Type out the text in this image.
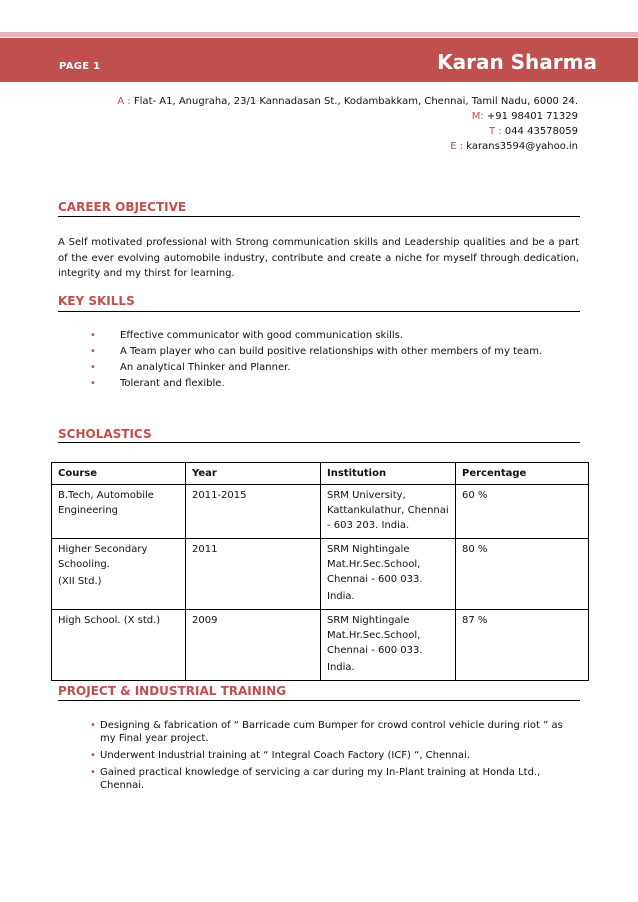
PAGE 1	Karan Sharma
A : Flat- A1, Anugraha, 23/1 Kannadasan St., Kodambakkam, Chennai, Tamil Nadu, 6000 24.
M: +91 98401 71329
T : 044 43578059
E : karans3594@yahoo.in
CAREER OBJECTIVE
A Self motivated professional with Strong communication skills and Leadership qualities and be a part of the ever evolving automobile industry, contribute and create a niche for myself through dedication, integrity and my thirst for learning.
KEY SKILLS
• Effective communicator with good communication skills.
• A Team player who can build positive relationships with other members of my team.
• An analytical Thinker and Planner.
• Tolerant and flexible.
SCHOLASTICS
Course	Year	Institution	Percentage

B.Tech, Automobile
Engineering	2011-2015	SRM University,
Kattankulathur, Chennai
- 603 203. India.	60 %

Higher Secondary
Schooling.
(XII Std.)	2011	SRM Nightingale
Mat.Hr.Sec.School,
Chennai - 600 033.
India.	80 %

High School. (X std.)	2009	SRM Nightingale
Mat.Hr.Sec.School,
Chennai - 600 033.
India.	87 %
PROJECT & INDUSTRIAL TRAINING
• Designing & fabrication of “ Barricade cum Bumper for crowd control vehicle during riot ” as my Final year project.
• Underwent Industrial training at “ Integral Coach Factory (ICF) “, Chennai.
• Gained practical knowledge of servicing a car during my In-Plant training at Honda Ltd., Chennai.
